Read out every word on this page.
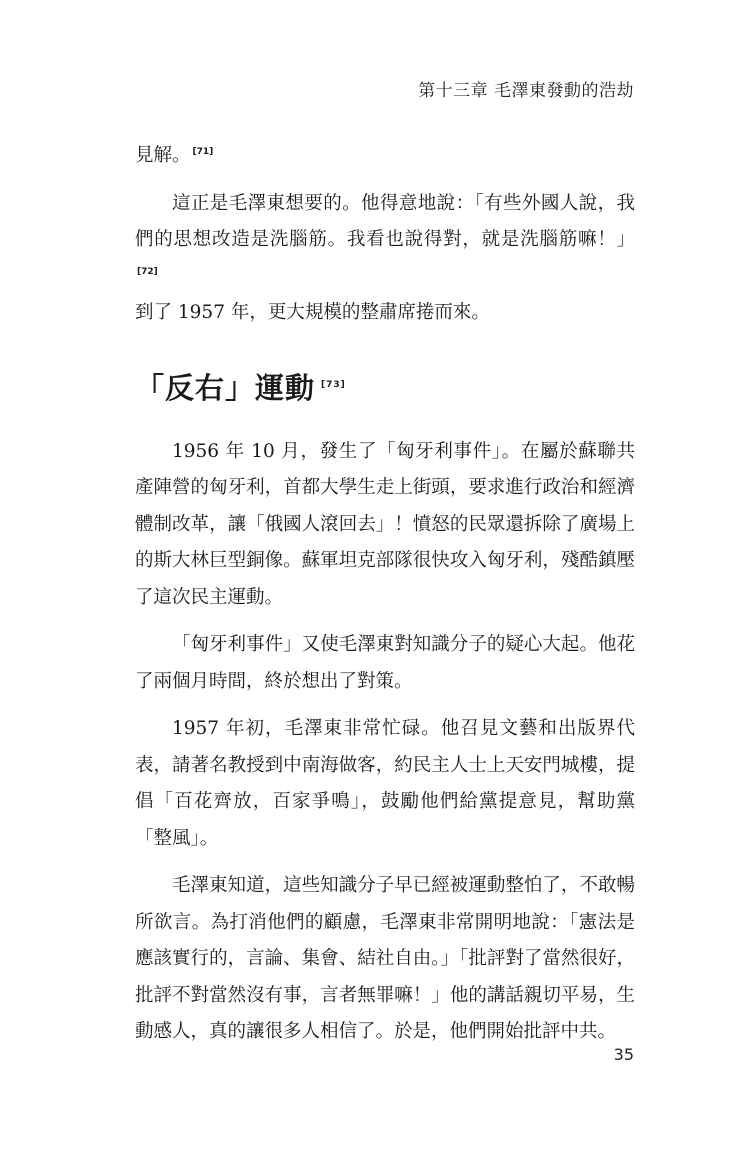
第十三章 毛澤東發動的浩劫

見解。 [71]

這正是毛澤東想要的。他得意地說：「有些外國人說，我們的思想改造是洗腦筋。我看也說得對，就是洗腦筋嘛！」[72]
到了 1957 年，更大規模的整肅席捲而來。

「反右」運動 [73]

1956 年 10 月，發生了「匈牙利事件」。在屬於蘇聯共產陣營的匈牙利，首都大學生走上街頭，要求進行政治和經濟體制改革，讓「俄國人滾回去」！憤怒的民眾還拆除了廣場上的斯大林巨型銅像。蘇軍坦克部隊很快攻入匈牙利，殘酷鎮壓了這次民主運動。

「匈牙利事件」又使毛澤東對知識分子的疑心大起。他花了兩個月時間，終於想出了對策。

1957 年初，毛澤東非常忙碌。他召見文藝和出版界代表，請著名教授到中南海做客，約民主人士上天安門城樓，提倡「百花齊放，百家爭鳴」，鼓勵他們給黨提意見，幫助黨「整風」。

毛澤東知道，這些知識分子早已經被運動整怕了，不敢暢所欲言。為打消他們的顧慮，毛澤東非常開明地說：「憲法是應該實行的，言論、集會、結社自由。」「批評對了當然很好，批評不對當然沒有事，言者無罪嘛！」他的講話親切平易，生動感人，真的讓很多人相信了。於是，他們開始批評中共。

35
